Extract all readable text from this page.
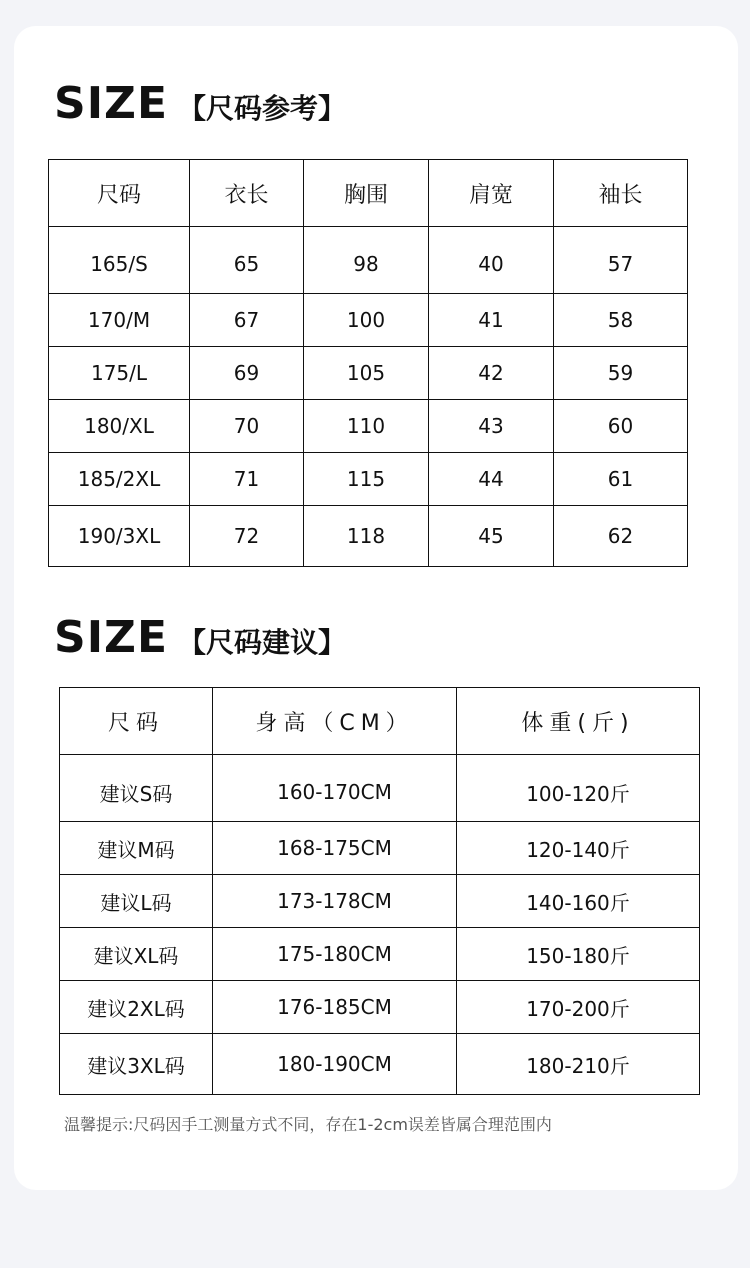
SIZE 【尺码参考】
尺码	衣长	胸围	肩宽	袖长
165/S	65	98	40	57
170/M	67	100	41	58
175/L	69	105	42	59
180/XL	70	110	43	60
185/2XL	71	115	44	61
190/3XL	72	118	45	62
SIZE 【尺码建议】
尺码	身高（CM）	体重(斤)
建议S码	160-170CM	100-120斤
建议M码	168-175CM	120-140斤
建议L码	173-178CM	140-160斤
建议XL码	175-180CM	150-180斤
建议2XL码	176-185CM	170-200斤
建议3XL码	180-190CM	180-210斤
温馨提示:尺码因手工测量方式不同，存在1-2cm误差皆属合理范围内
